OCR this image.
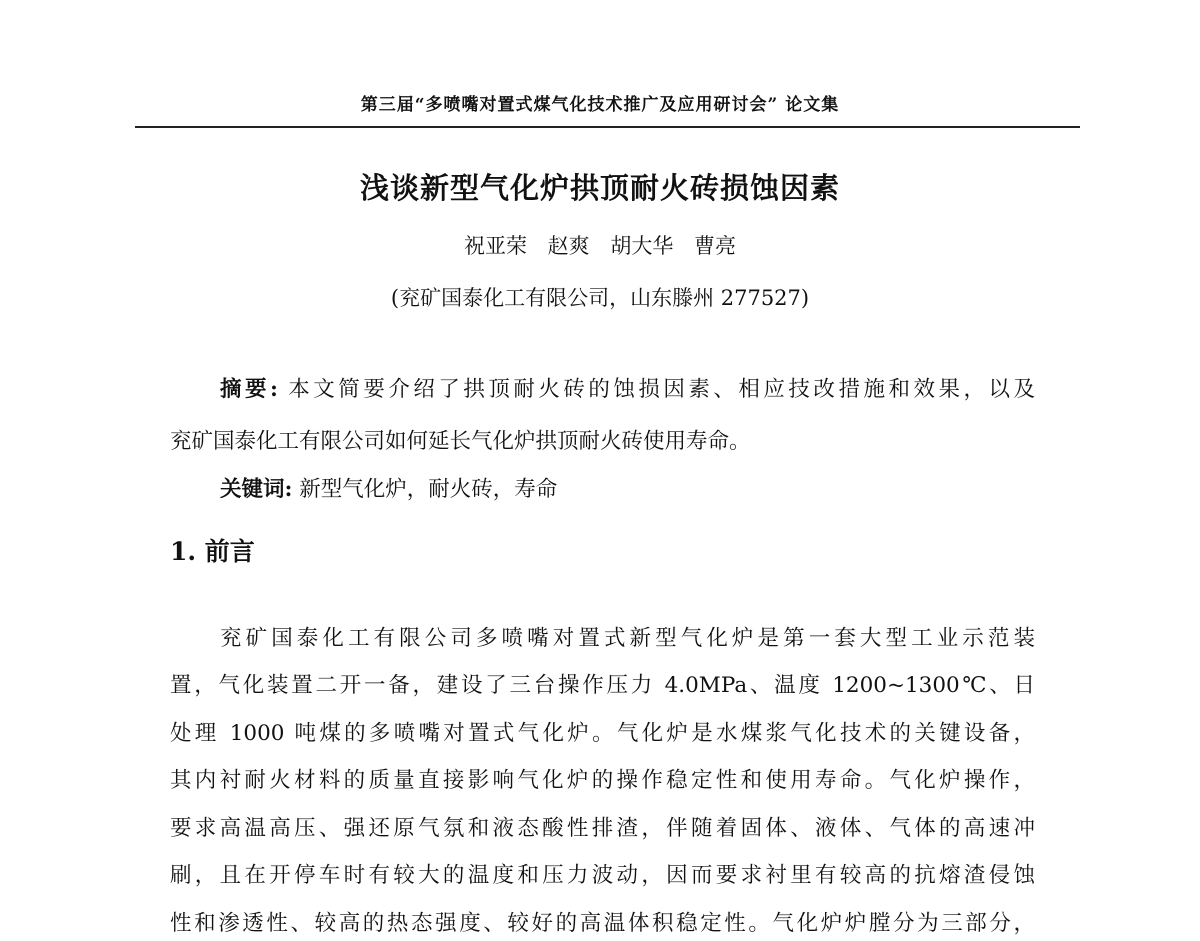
第三届“多喷嘴对置式煤气化技术推广及应用研讨会” 论文集
浅谈新型气化炉拱顶耐火砖损蚀因素
祝亚荣 赵爽 胡大华 曹亮
(兖矿国泰化工有限公司，山东滕州 277527)
摘要: 本文简要介绍了拱顶耐火砖的蚀损因素、相应技改措施和效果，以及
兖矿国泰化工有限公司如何延长气化炉拱顶耐火砖使用寿命。
关键词: 新型气化炉，耐火砖，寿命
1. 前言
兖矿国泰化工有限公司多喷嘴对置式新型气化炉是第一套大型工业示范装
置，气化装置二开一备，建设了三台操作压力 4.0MPa、温度 1200~1300℃、日
处理 1000 吨煤的多喷嘴对置式气化炉。气化炉是水煤浆气化技术的关键设备，
其内衬耐火材料的质量直接影响气化炉的操作稳定性和使用寿命。气化炉操作，
要求高温高压、强还原气氛和液态酸性排渣，伴随着固体、液体、气体的高速冲
刷，且在开停车时有较大的温度和压力波动，因而要求衬里有较高的抗熔渣侵蚀
性和渗透性、较高的热态强度、较好的高温体积稳定性。气化炉炉膛分为三部分，
